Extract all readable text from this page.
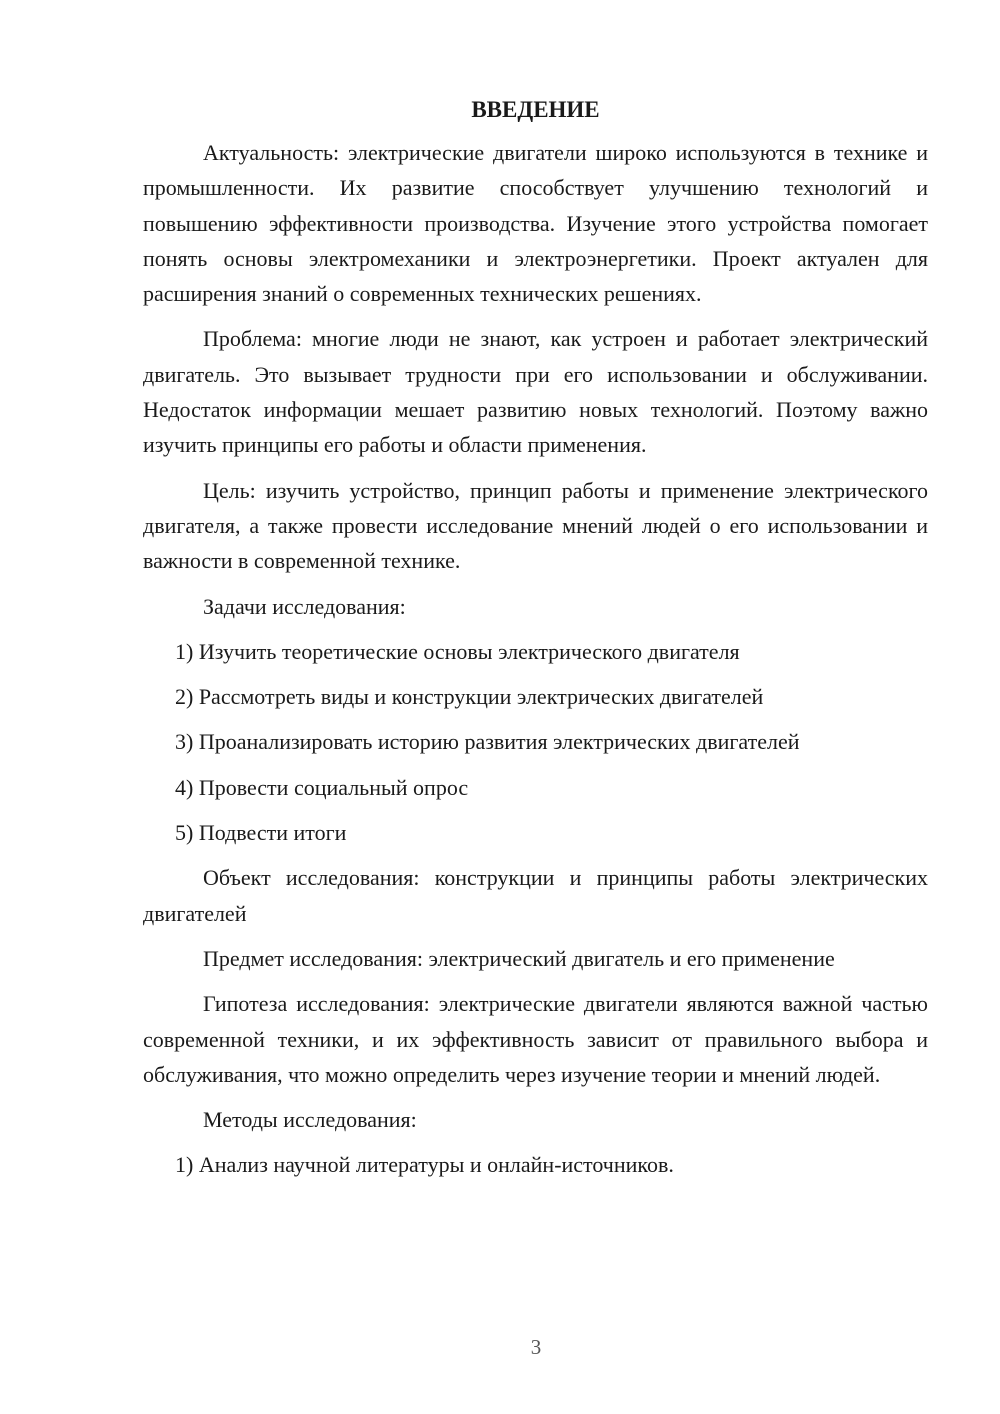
ВВЕДЕНИЕ

Актуальность: электрические двигатели широко используются в технике и промышленности. Их развитие способствует улучшению технологий и повышению эффективности производства. Изучение этого устройства помогает понять основы электромеханики и электроэнергетики. Проект актуален для расширения знаний о современных технических решениях.

Проблема: многие люди не знают, как устроен и работает электрический двигатель. Это вызывает трудности при его использовании и обслуживании. Недостаток информации мешает развитию новых технологий. Поэтому важно изучить принципы его работы и области применения.

Цель: изучить устройство, принцип работы и применение электрического двигателя, а также провести исследование мнений людей о его использовании и важности в современной технике.

Задачи исследования:
1) Изучить теоретические основы электрического двигателя
2) Рассмотреть виды и конструкции электрических двигателей
3) Проанализировать историю развития электрических двигателей
4) Провести социальный опрос
5) Подвести итоги

Объект исследования: конструкции и принципы работы электрических двигателей

Предмет исследования: электрический двигатель и его применение

Гипотеза исследования: электрические двигатели являются важной частью современной техники, и их эффективность зависит от правильного выбора и обслуживания, что можно определить через изучение теории и мнений людей.

Методы исследования:
1) Анализ научной литературы и онлайн-источников.
3
